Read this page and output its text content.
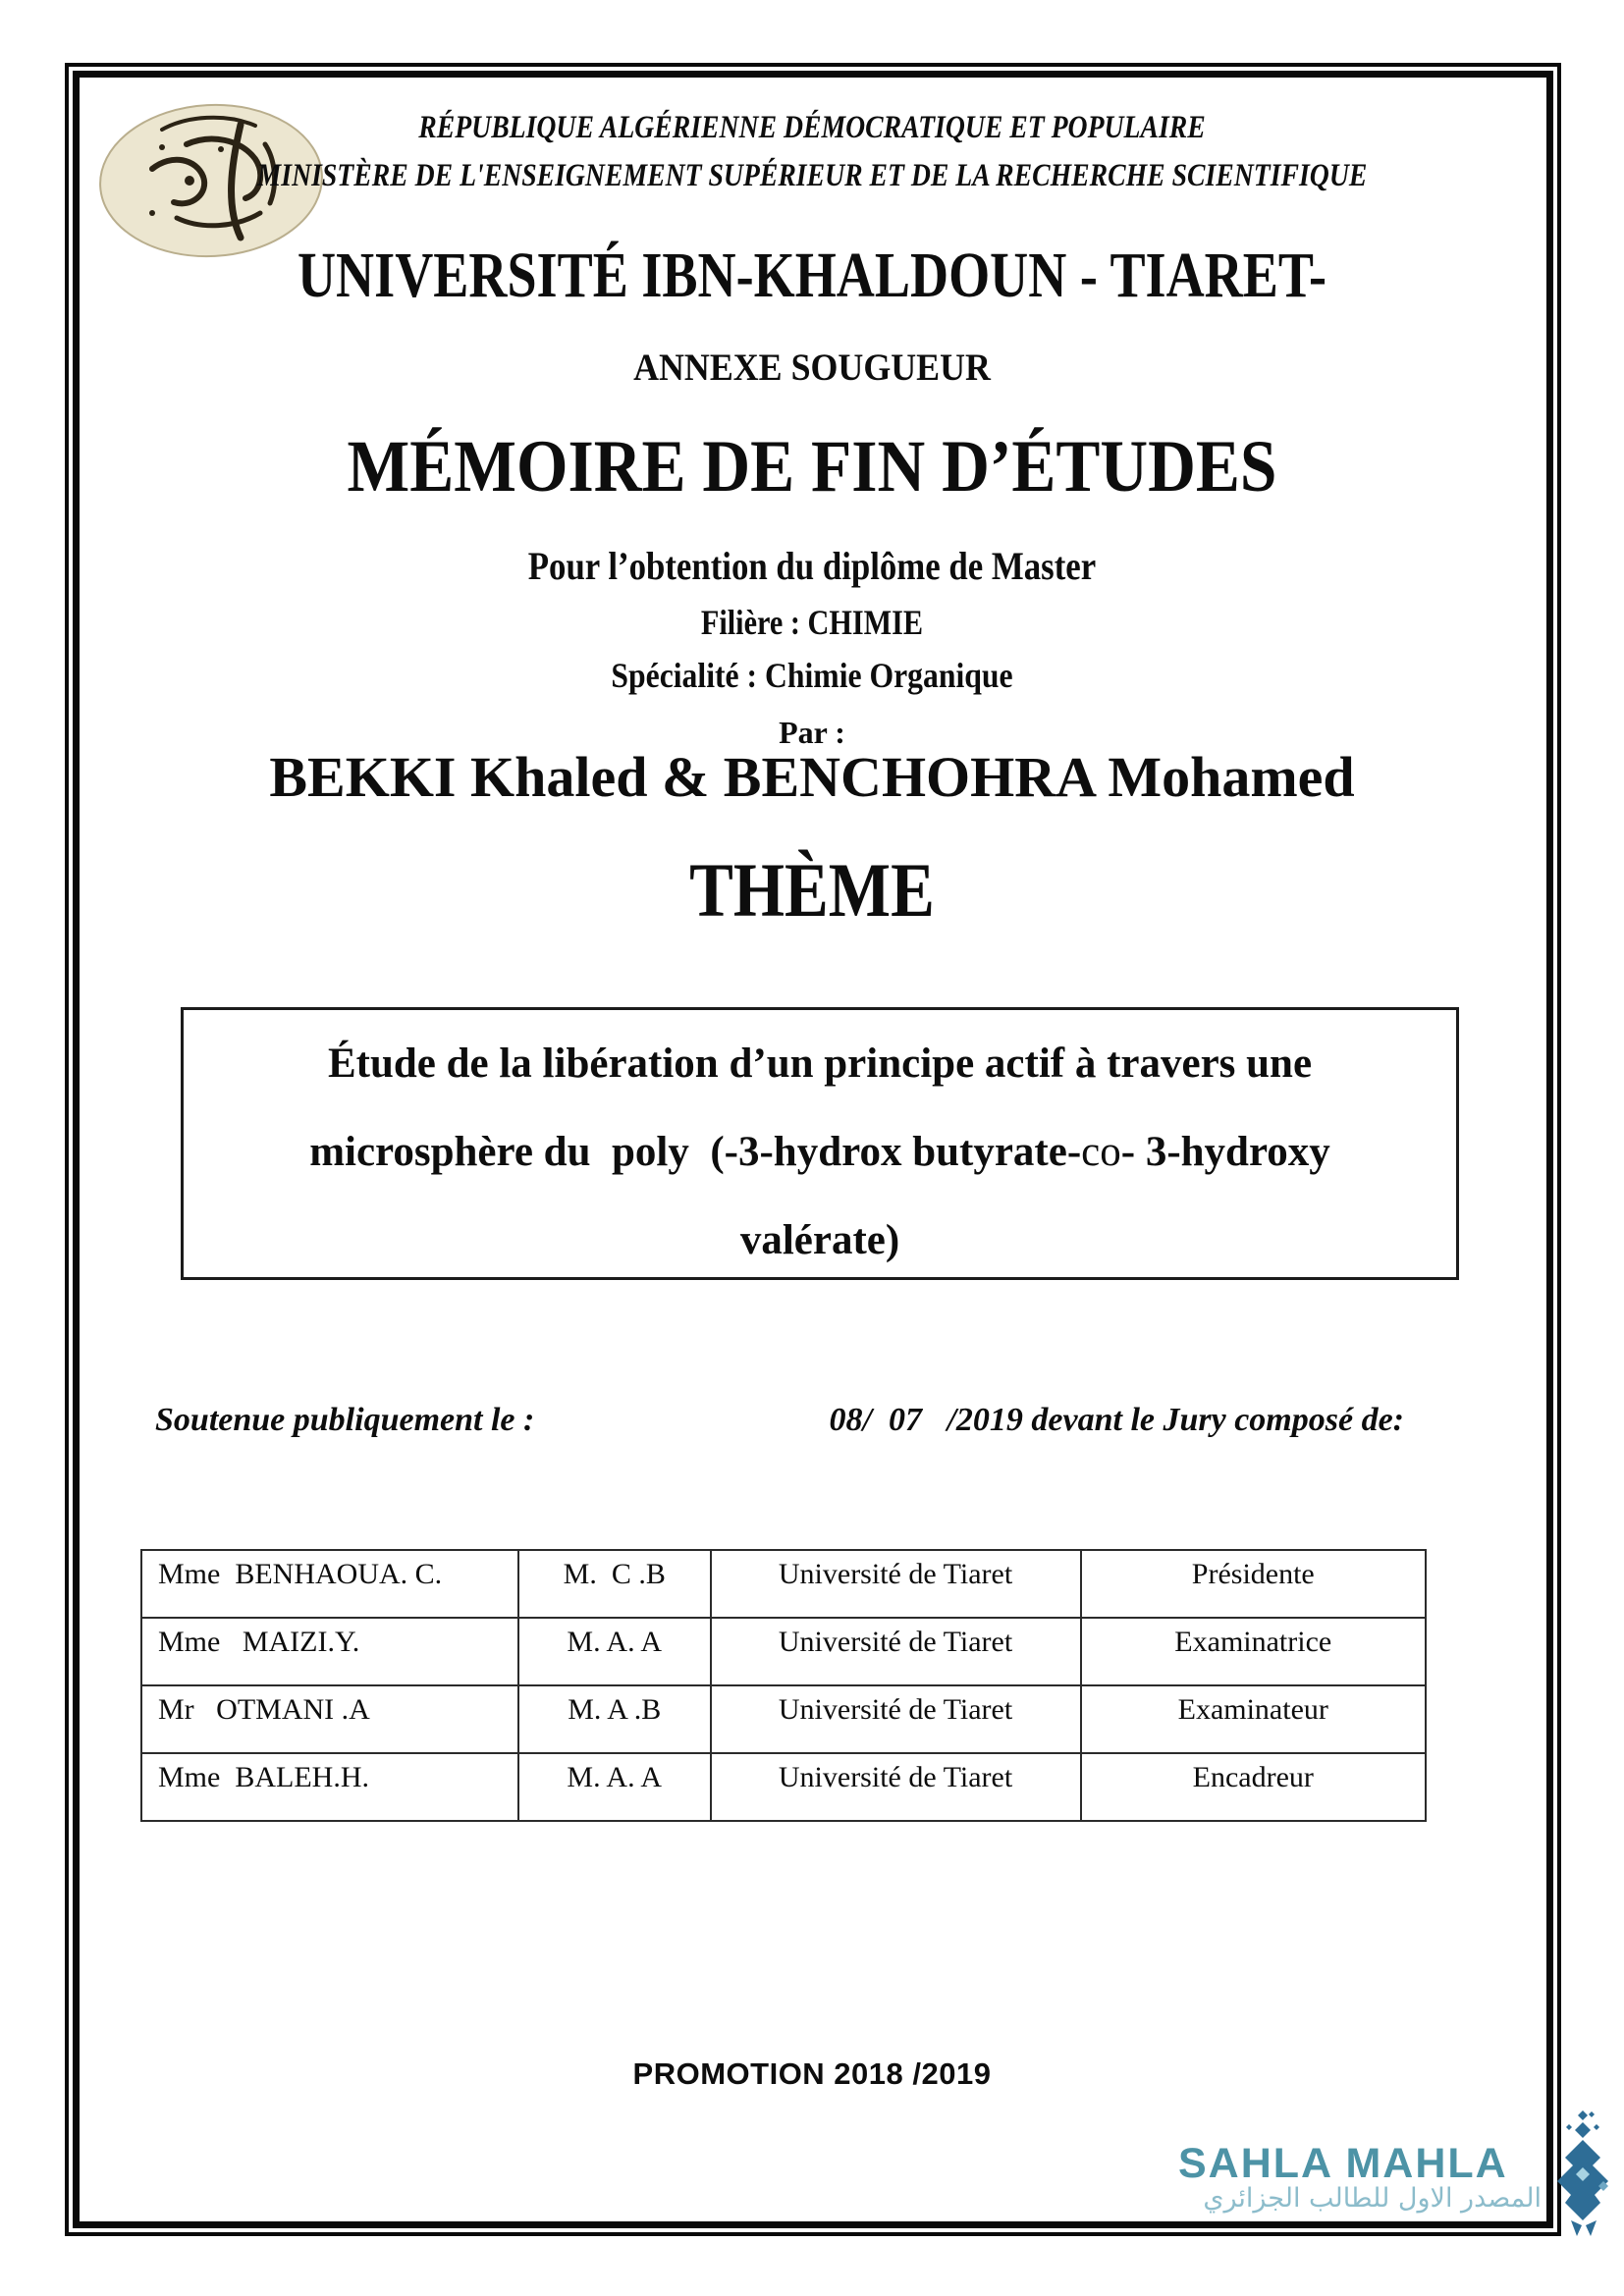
RÉPUBLIQUE ALGÉRIENNE DÉMOCRATIQUE ET POPULAIRE
MINISTÈRE DE L'ENSEIGNEMENT SUPÉRIEUR ET DE LA RECHERCHE SCIENTIFIQUE
UNIVERSITÉ IBN-KHALDOUN - TIARET-
ANNEXE SOUGUEUR
MÉMOIRE DE FIN D’ÉTUDES
Pour l’obtention du diplôme de Master
Filière : CHIMIE
Spécialité : Chimie Organique
Par :
BEKKI Khaled & BENCHOHRA Mohamed
THÈME
Étude de la libération d’un principe actif à travers une
microsphère du  poly  (-3-hydrox butyrate-co- 3-hydroxy
valérate)
Soutenue publiquement le :	08/  07   /2019 devant le Jury composé de:
Mme  BENHAOUA. C.	M.  C .B	Université de Tiaret	Présidente
Mme   MAIZI.Y.	M. A. A	Université de Tiaret	Examinatrice
Mr   OTMANI .A	M. A .B	Université de Tiaret	Examinateur
Mme  BALEH.H.	M. A. A	Université de Tiaret	Encadreur
PROMOTION 2018 /2019
SAHLA MAHLA
المصدر الاول للطالب الجزائري
